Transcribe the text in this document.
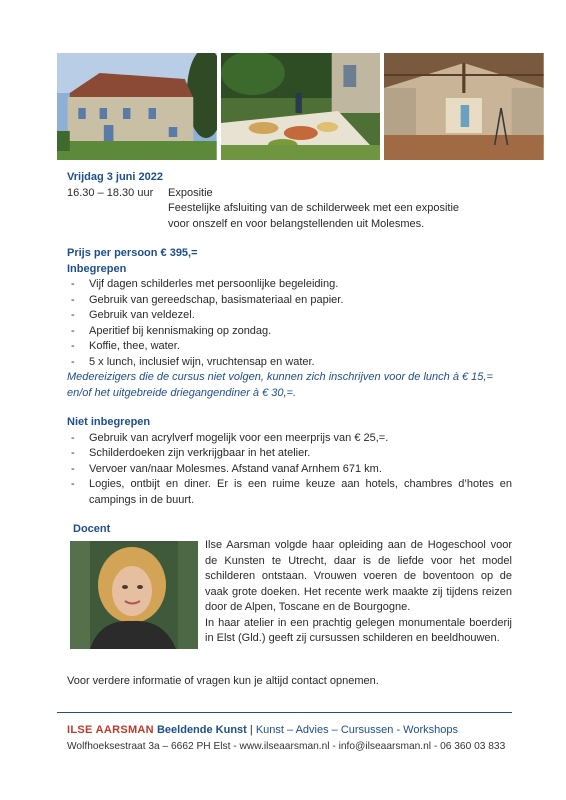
Vrijdag 3 juni 2022
16.30 – 18.30 uur	Expositie
Feestelijke afsluiting van de schilderweek met een expositie
voor onszelf en voor belangstellenden uit Molesmes.
Prijs per persoon € 395,=
Inbegrepen
- Vijf dagen schilderles met persoonlijke begeleiding.
- Gebruik van gereedschap, basismateriaal en papier.
- Gebruik van veldezel.
- Aperitief bij kennismaking op zondag.
- Koffie, thee, water.
- 5 x lunch, inclusief wijn, vruchtensap en water.
Medereizigers die de cursus niet volgen, kunnen zich inschrijven voor de lunch à € 15,=
en/of het uitgebreide driegangendiner à € 30,=.
Niet inbegrepen
- Gebruik van acrylverf mogelijk voor een meerprijs van € 25,=.
- Schilderdoeken zijn verkrijgbaar in het atelier.
- Vervoer van/naar Molesmes. Afstand vanaf Arnhem 671 km.
- Logies, ontbijt en diner. Er is een ruime keuze aan hotels, chambres d’hotes en campings in de buurt.
Docent
Ilse Aarsman volgde haar opleiding aan de Hogeschool voor de Kunsten te Utrecht, daar is de liefde voor het model schilderen ontstaan. Vrouwen voeren de boventoon op de vaak grote doeken. Het recente werk maakte zij tijdens reizen door de Alpen, Toscane en de Bourgogne.
In haar atelier in een prachtig gelegen monumentale boerderij in Elst (Gld.) geeft zij cursussen schilderen en beeldhouwen.
Voor verdere informatie of vragen kun je altijd contact opnemen.
ILSE AARSMAN Beeldende Kunst | Kunst – Advies – Cursussen - Workshops
Wolfhoeksestraat 3a – 6662 PH Elst - www.ilseaarsman.nl - info@ilseaarsman.nl - 06 360 03 833
